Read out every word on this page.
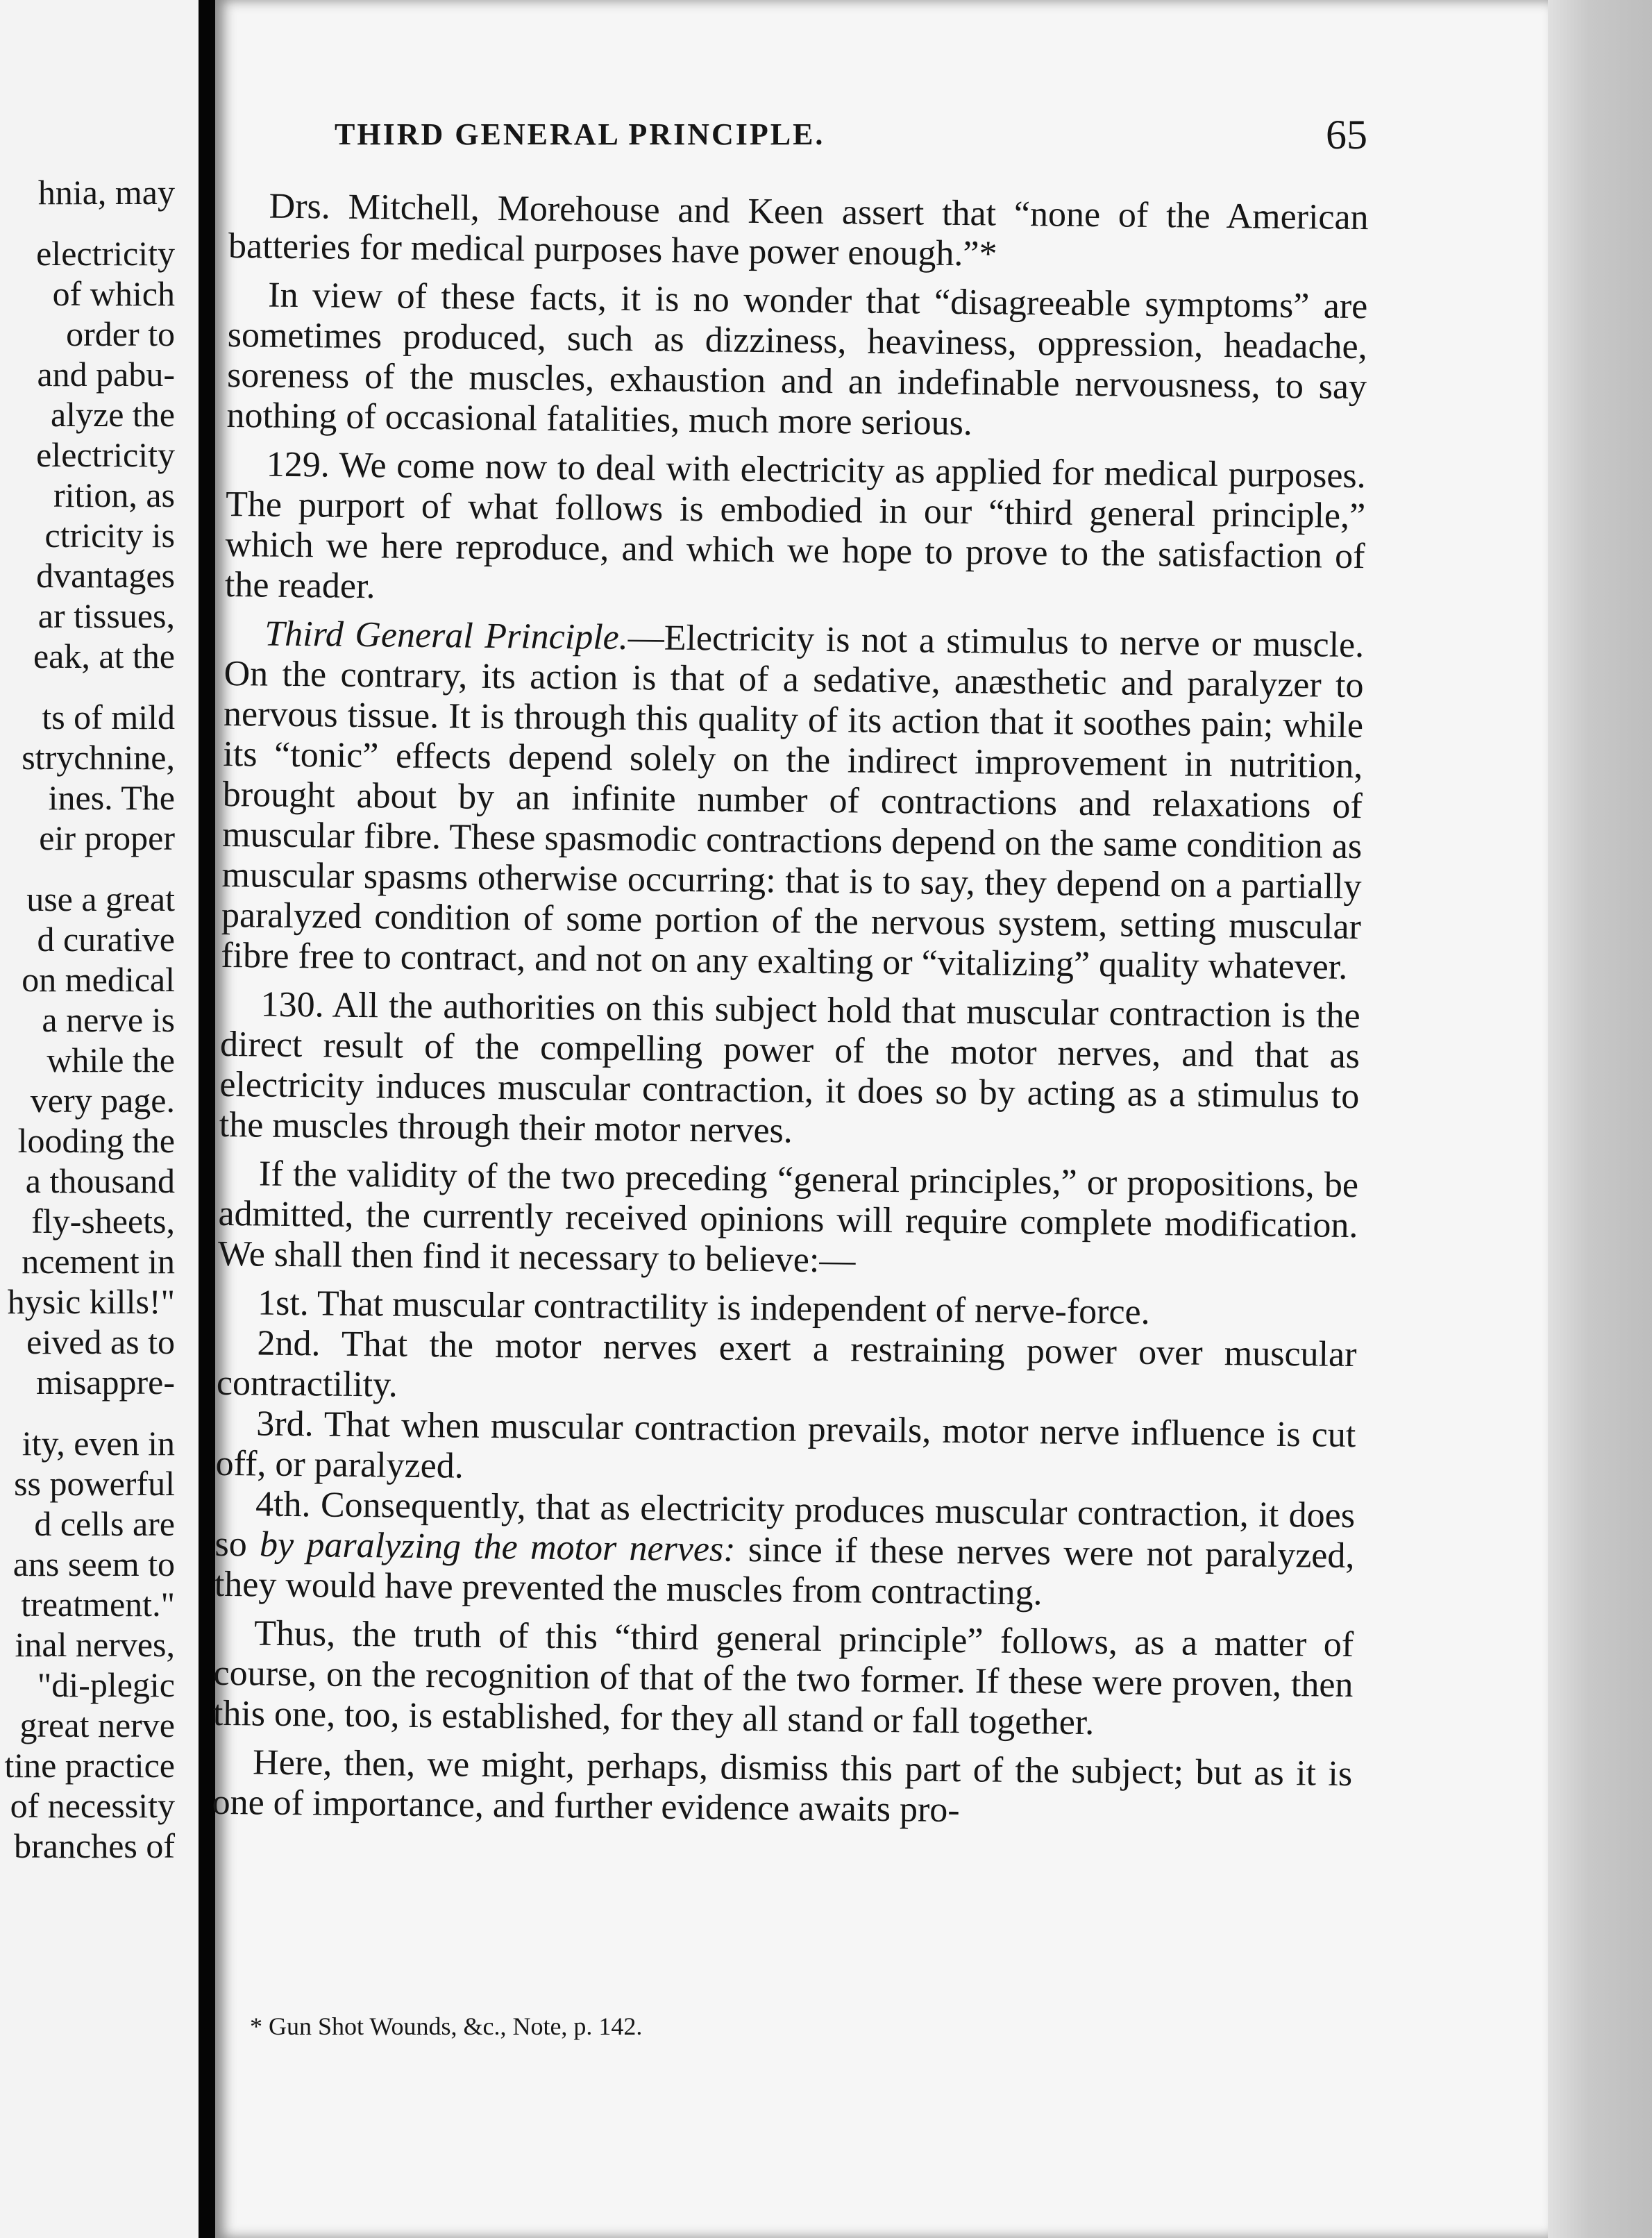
hnia, may
electricity
of which
order to
and pabu-
alyze the
electricity
rition, as
ctricity is
dvantages
ar tissues,
eak, at the
ts of mild
strychnine,
ines. The
eir proper
use a great
d curative
on medical
a nerve is
while the
very page.
looding the
a thousand
fly-sheets,
ncement in
hysic kills!"
eived as to
misappre-
ity, even in
ss powerful
d cells are
ans seem to
treatment."
inal nerves,
"di-plegic
great nerve
tine practice
of necessity
branches of
THIRD GENERAL PRINCIPLE.	65

Drs. Mitchell, Morehouse and Keen assert that “none of the American batteries for medical purposes have power enough.”*

In view of these facts, it is no wonder that “disagreeable symptoms” are sometimes produced, such as dizziness, heaviness, oppression, headache, soreness of the muscles, exhaustion and an indefinable nervousness, to say nothing of occasional fatalities, much more serious.

129. We come now to deal with electricity as applied for medical purposes. The purport of what follows is embodied in our “third general principle,” which we here reproduce, and which we hope to prove to the satisfaction of the reader.

Third General Principle.—Electricity is not a stimulus to nerve or muscle. On the contrary, its action is that of a sedative, anæsthetic and paralyzer to nervous tissue. It is through this quality of its action that it soothes pain; while its “tonic” effects depend solely on the indirect improvement in nutrition, brought about by an infinite number of contractions and relaxations of muscular fibre. These spasmodic contractions depend on the same condition as muscular spasms otherwise occurring: that is to say, they depend on a partially paralyzed condition of some portion of the nervous system, setting muscular fibre free to contract, and not on any exalting or “vitalizing” quality whatever.

130. All the authorities on this subject hold that muscular contraction is the direct result of the compelling power of the motor nerves, and that as electricity induces muscular contraction, it does so by acting as a stimulus to the muscles through their motor nerves.

If the validity of the two preceding “general principles,” or propositions, be admitted, the currently received opinions will require complete modification. We shall then find it necessary to believe:—

1st. That muscular contractility is independent of nerve-force.

2nd. That the motor nerves exert a restraining power over muscular contractility.

3rd. That when muscular contraction prevails, motor nerve influence is cut off, or paralyzed.

4th. Consequently, that as electricity produces muscular contraction, it does so by paralyzing the motor nerves: since if these nerves were not paralyzed, they would have prevented the muscles from contracting.

Thus, the truth of this “third general principle” follows, as a matter of course, on the recognition of that of the two former. If these were proven, then this one, too, is established, for they all stand or fall together.

Here, then, we might, perhaps, dismiss this part of the subject; but as it is one of importance, and further evidence awaits pro-

* Gun Shot Wounds, &c., Note, p. 142.
